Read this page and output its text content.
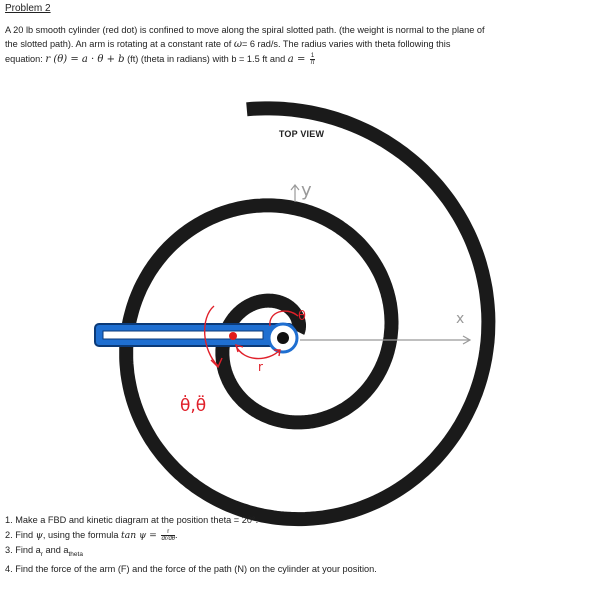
Problem 2
A 20 lb smooth cylinder (red dot) is confined to move along the spiral slotted path. (the weight is normal to the plane of
the slotted path). An arm is rotating at a constant rate of ω= 6 rad/s. The radius varies with theta following this
equation: r (θ) = a · θ + b (ft) (theta in radians) with b = 1.5 ft and $a = \frac{1}{\pi}$
TOP VIEW
y
x
θ
r
θ̇,θ̈
1. Make a FBD and kinetic diagram at the position theta = 20°.
2. Find ψ, using the formula $\tan \psi = \frac{r}{dr/d\theta}$ .
3. Find $a_r$ and $a_{theta}$
4. Find the force of the arm (F) and the force of the path (N) on the cylinder at your position.
